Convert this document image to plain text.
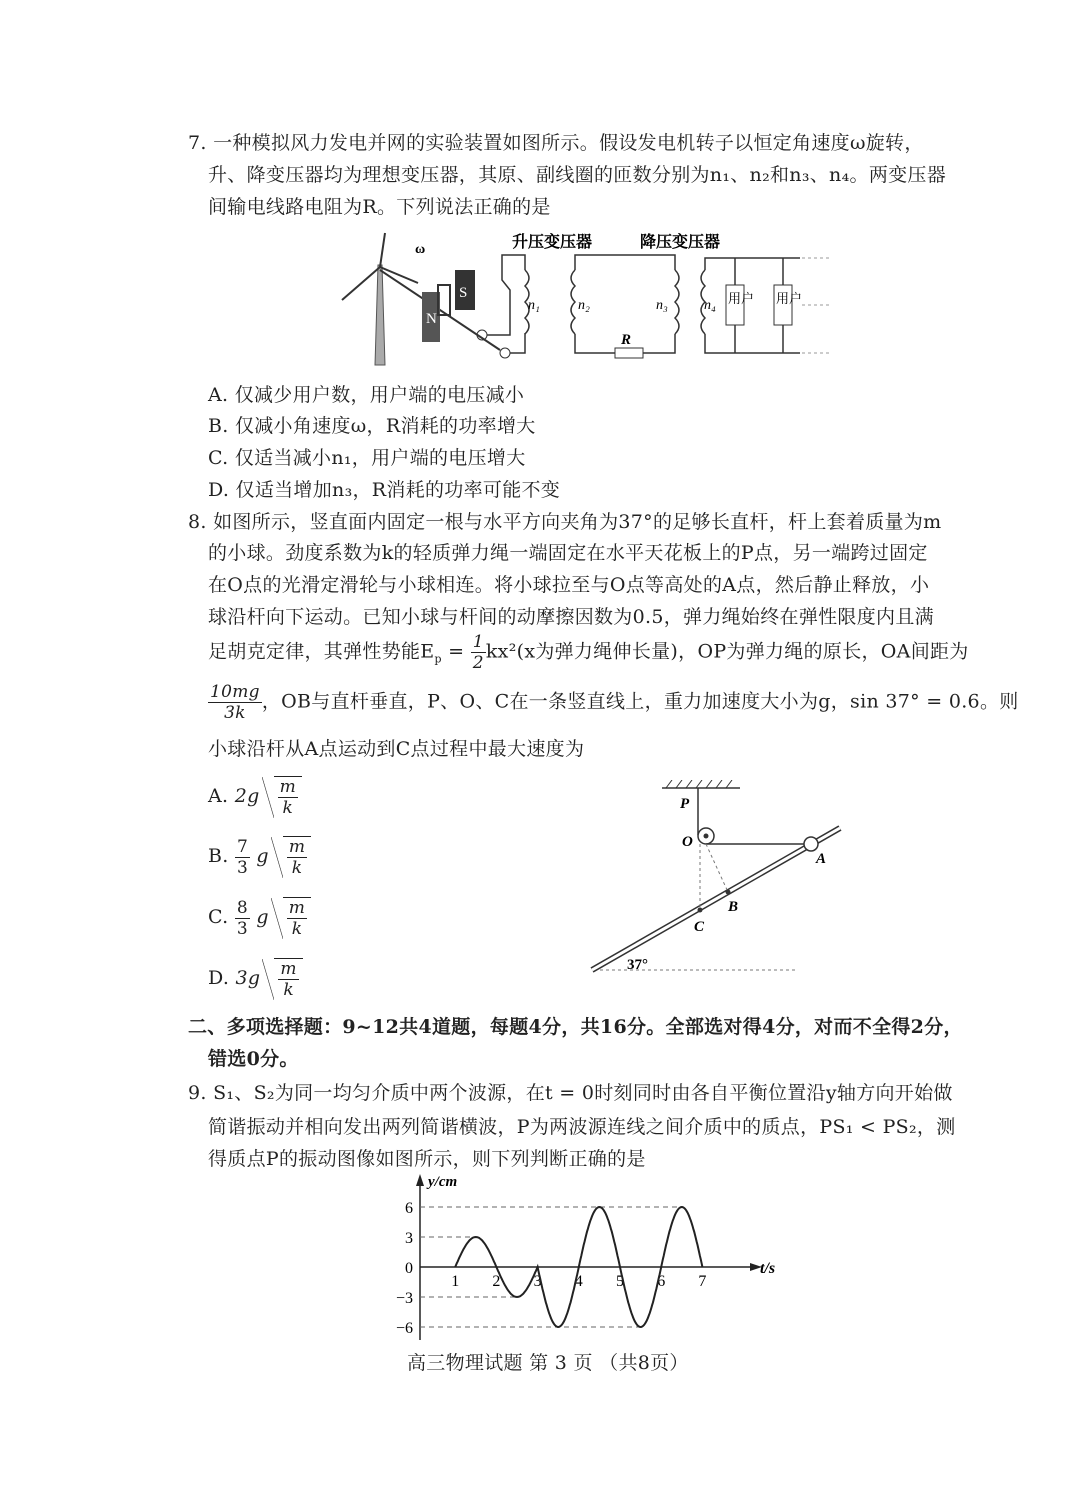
7. 一种模拟风力发电并网的实验装置如图所示。假设发电机转子以恒定角速度ω旋转，
升、降变压器均为理想变压器，其原、副线圈的匝数分别为n₁、n₂和n₃、n₄。两变压器
间输电线路电阻为R。下列说法正确的是
ω
N
S
n₁	n₂
R
n₃	n₄ 用户 用户
升压变压器	降压变压器
A. 仅减少用户数，用户端的电压减小
B. 仅减小角速度ω，R消耗的功率增大
C. 仅适当减小n₁，用户端的电压增大
D. 仅适当增加n₃，R消耗的功率可能不变
8. 如图所示，竖直面内固定一根与水平方向夹角为37°的足够长直杆，杆上套着质量为m
的小球。劲度系数为k的轻质弹力绳一端固定在水平天花板上的P点，另一端跨过固定
在O点的光滑定滑轮与小球相连。将小球拉至与O点等高处的A点，然后静止释放，小
球沿杆向下运动。已知小球与杆间的动摩擦因数为0.5，弹力绳始终在弹性限度内且满
足胡克定律，其弹性势能$E_p = \frac{1}{2} kx^2(x$为弹力绳伸长量)，OP为弹力绳的原长，OA间距为
$\frac{10mg}{3k}$ ，OB与直杆垂直，P、O、C在一条竖直线上，重力加速度大小为g，sin 37° = 0.6。则
小球沿杆从A点运动到C点过程中最大速度为
A. $2g \frac{m}{k}$
B. $\frac{7}{3}$ g $\frac{m}{k}$
C. $\frac{8}{3}$ g $\frac{m}{k}$
D. $3g \frac{m}{k}$
P
O
A
B
C
37°
二、多项选择题：9~12共4道题，每题4分，共16分。全部选对得4分，对而不全得2分，
错选0分。
9. S₁、S₂为同一均匀介质中两个波源，在t = 0时刻同时由各自平衡位置沿y轴方向开始做
简谐振动并相向发出两列简谐横波，P为两波源连线之间介质中的质点，PS₁ < PS₂，测
得质点P的振动图像如图所示，则下列判断正确的是
y/cm
t/s
6
3
0
−3
−6
1 2 3 4 5 6 7
高三物理试题 第 3 页 （共8页）
